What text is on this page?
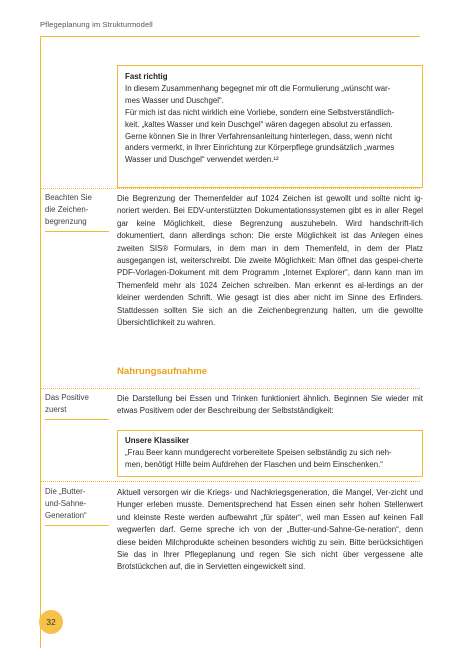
Pflegeplanung im Strukturmodell
Fast richtig

In diesem Zusammenhang begegnet mir oft die Formulierung „wünscht war-

mes Wasser und Duschgel“.

Für mich ist das nicht wirklich eine Vorliebe, sondern eine Selbstverständlich-

keit. „kaltes Wasser und kein Duschgel“ wären dagegen absolut zu erfassen.

Gerne können Sie in Ihrer Verfahrensanleitung hinterlegen, dass, wenn nicht

anders vermerkt, in Ihrer Einrichtung zur Körperpflege grundsätzlich „warmes

Wasser und Duschgel“ verwendet werden.¹²

Beachten Sie
die Zeichen-
begrenzung

Die Begrenzung der Themenfelder auf 1024 Zeichen ist gewollt und sollte nicht ig-noriert werden. Bei EDV-unterstützten Dokumentationssystemen gibt es in aller Regel gar keine Möglichkeit, diese Begrenzung auszuhebeln. Wird handschrift-lich dokumentiert, dann allerdings schon: Die erste Möglichkeit ist das Anlegen eines zweiten SIS® Formulars, in dem man in dem Themenfeld, in dem der Platz ausgegangen ist, weiterschreibt. Die zweite Möglichkeit: Man öffnet das gespei-cherte PDF-Vorlagen-Dokument mit dem Programm „Internet Explorer“, dann kann man im Themenfeld mehr als 1024 Zeichen schreiben. Man erkennt es al-lerdings an der kleiner werdenden Schrift. Wie gesagt ist dies aber nicht im Sinne des Erfinders. Stattdessen sollten Sie sich an die Zeichenbegrenzung halten, um die gewollte Übersichtlichkeit zu wahren.

Nahrungsaufnahme
Das Positive
zuerst

Die Darstellung bei Essen und Trinken funktioniert ähnlich. Beginnen Sie wieder mit etwas Positivem oder der Beschreibung der Selbstständigkeit:

Unsere Klassiker

„Frau Beer kann mundgerecht vorbereitete Speisen selbständig zu sich neh-

men, benötigt Hilfe beim Aufdrehen der Flaschen und beim Einschenken.“

Die „Butter-
und-Sahne-
Generation“

Aktuell versorgen wir die Kriegs- und Nachkriegsgeneration, die Mangel, Ver-zicht und Hunger erleben musste. Dementsprechend hat Essen einen sehr hohen Stellenwert und kleinste Reste werden aufbewahrt „für später“, weil man Essen auf keinen Fall wegwerfen darf. Gerne spreche ich von der „Butter-und-Sahne-Ge-neration“, denn diese beiden Milchprodukte scheinen besonders wichtig zu sein. Bitte berücksichtigen Sie das in Ihrer Pflegeplanung und regen Sie sich nicht über vergessene alte Brotstückchen auf, die in Servietten eingewickelt sind.

32
